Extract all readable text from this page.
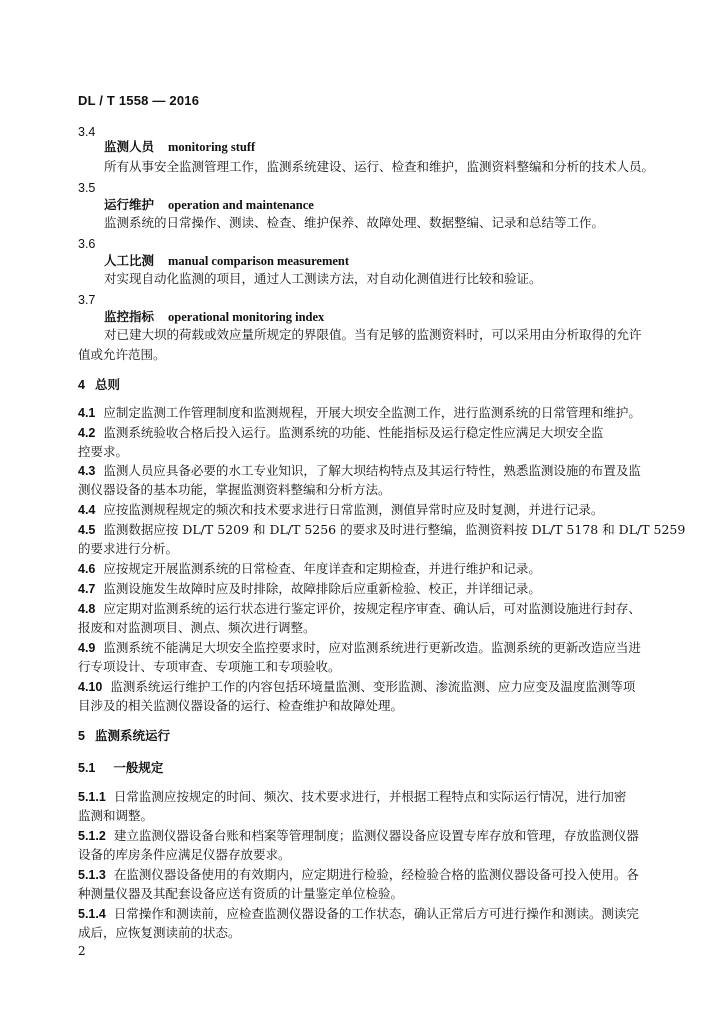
DL / T 1558 — 2016
3.4
监测人员 monitoring stuff
所有从事安全监测管理工作，监测系统建设、运行、检查和维护，监测资料整编和分析的技术人员。
3.5
运行维护 operation and maintenance
监测系统的日常操作、测读、检查、维护保养、故障处理、数据整编、记录和总结等工作。
3.6
人工比测 manual comparison measurement
对实现自动化监测的项目，通过人工测读方法，对自动化测值进行比较和验证。
3.7
监控指标 operational monitoring index
对已建大坝的荷载或效应量所规定的界限值。当有足够的监测资料时，可以采用由分析取得的允许
值或允许范围。
4 总则
4.1 应制定监测工作管理制度和监测规程，开展大坝安全监测工作，进行监测系统的日常管理和维护。
4.2 监测系统验收合格后投入运行。监测系统的功能、性能指标及运行稳定性应满足大坝安全监
控要求。
4.3 监测人员应具备必要的水工专业知识，了解大坝结构特点及其运行特性，熟悉监测设施的布置及监
测仪器设备的基本功能，掌握监测资料整编和分析方法。
4.4 应按监测规程规定的频次和技术要求进行日常监测，测值异常时应及时复测，并进行记录。
4.5 监测数据应按 DL/T 5209 和 DL/T 5256 的要求及时进行整编，监测资料按 DL/T 5178 和 DL/T 5259
的要求进行分析。
4.6 应按规定开展监测系统的日常检查、年度详查和定期检查，并进行维护和记录。
4.7 监测设施发生故障时应及时排除，故障排除后应重新检验、校正，并详细记录。
4.8 应定期对监测系统的运行状态进行鉴定评价，按规定程序审查、确认后，可对监测设施进行封存、
报废和对监测项目、测点、频次进行调整。
4.9 监测系统不能满足大坝安全监控要求时，应对监测系统进行更新改造。监测系统的更新改造应当进
行专项设计、专项审查、专项施工和专项验收。
4.10 监测系统运行维护工作的内容包括环境量监测、变形监测、渗流监测、应力应变及温度监测等项
目涉及的相关监测仪器设备的运行、检查维护和故障处理。
5 监测系统运行
5.1 一般规定
5.1.1 日常监测应按规定的时间、频次、技术要求进行，并根据工程特点和实际运行情况，进行加密
监测和调整。
5.1.2 建立监测仪器设备台账和档案等管理制度；监测仪器设备应设置专库存放和管理，存放监测仪器
设备的库房条件应满足仪器存放要求。
5.1.3 在监测仪器设备使用的有效期内，应定期进行检验，经检验合格的监测仪器设备可投入使用。各
种测量仪器及其配套设备应送有资质的计量鉴定单位检验。
5.1.4 日常操作和测读前，应检查监测仪器设备的工作状态，确认正常后方可进行操作和测读。测读完
成后，应恢复测读前的状态。
2
